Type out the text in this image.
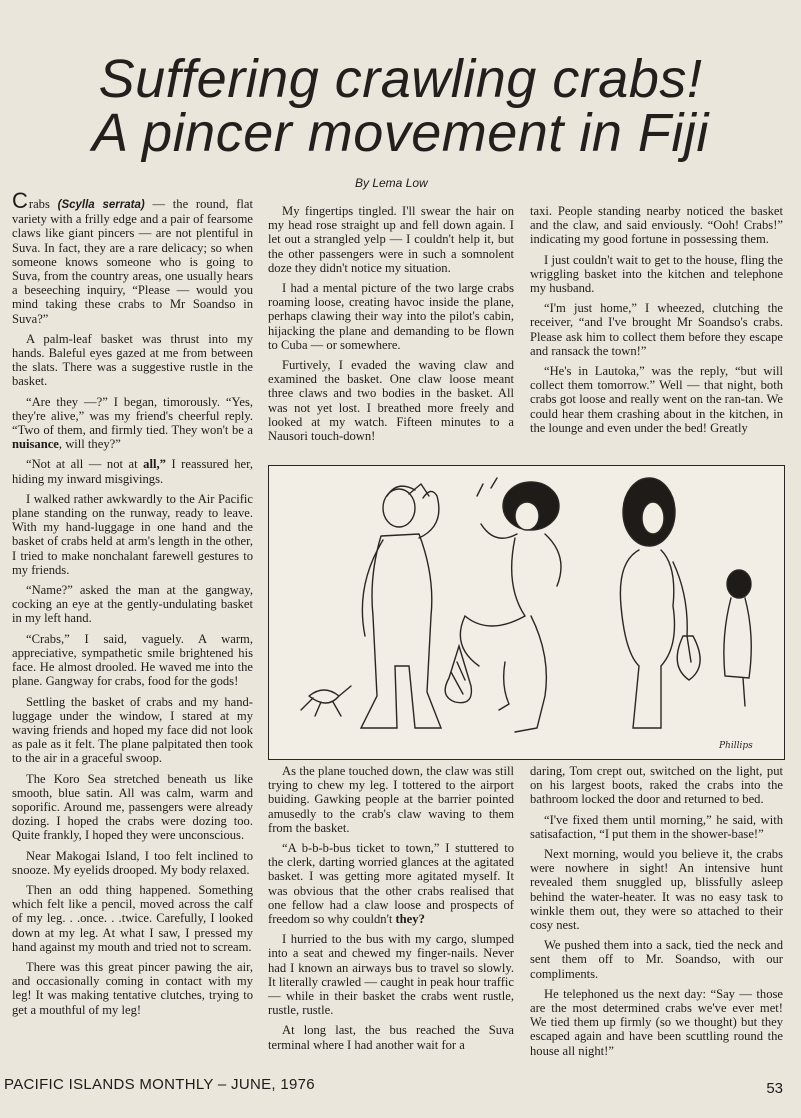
Suffering crawling crabs!
A pincer movement in Fiji
By Lema Low

Crabs (Scylla serrata) — the round, flat variety with a frilly edge and a pair of fearsome claws like giant pincers — are not plentiful in Suva. In fact, they are a rare delicacy; so when someone knows someone who is going to Suva, from the country areas, one usually hears a beseeching inquiry, “Please — would you mind taking these crabs to Mr Soandso in Suva?”

A palm-leaf basket was thrust into my hands. Baleful eyes gazed at me from between the slats. There was a suggestive rustle in the basket.

“Are they —?” I began, timorously. “Yes, they're alive,” was my friend's cheerful reply. “Two of them, and firmly tied. They won't be a nuisance, will they?”

“Not at all — not at all,” I reassured her, hiding my inward misgivings.

I walked rather awkwardly to the Air Pacific plane standing on the runway, ready to leave. With my hand-luggage in one hand and the basket of crabs held at arm's length in the other, I tried to make nonchalant farewell gestures to my friends.

“Name?” asked the man at the gangway, cocking an eye at the gently-undulating basket in my left hand.

“Crabs,” I said, vaguely. A warm, appreciative, sympathetic smile brightened his face. He almost drooled. He waved me into the plane. Gangway for crabs, food for the gods!

Settling the basket of crabs and my hand-luggage under the window, I stared at my waving friends and hoped my face did not look as pale as it felt. The plane palpitated then took to the air in a graceful swoop.

The Koro Sea stretched beneath us like smooth, blue satin. All was calm, warm and soporific. Around me, passengers were already dozing. I hoped the crabs were dozing too. Quite frankly, I hoped they were unconscious.

Near Makogai Island, I too felt inclined to snooze. My eyelids drooped. My body relaxed.

Then an odd thing happened. Something which felt like a pencil, moved across the calf of my leg. . .once. . .twice. Carefully, I looked down at my leg. At what I saw, I pressed my hand against my mouth and tried not to scream.

There was this great pincer pawing the air, and occasionally coming in contact with my leg! It was making tentative clutches, trying to get a mouthful of my leg!

My fingertips tingled. I'll swear the hair on my head rose straight up and fell down again. I let out a strangled yelp — I couldn't help it, but the other passengers were in such a somnolent doze they didn't notice my situation.

I had a mental picture of the two large crabs roaming loose, creating havoc inside the plane, perhaps clawing their way into the pilot's cabin, hijacking the plane and demanding to be flown to Cuba — or somewhere.

Furtively, I evaded the waving claw and examined the basket. One claw loose meant three claws and two bodies in the basket. All was not yet lost. I breathed more freely and looked at my watch. Fifteen minutes to a Nausori touch-down!

taxi. People standing nearby noticed the basket and the claw, and said enviously. “Ooh! Crabs!” indicating my good fortune in possessing them.

I just couldn't wait to get to the house, fling the wriggling basket into the kitchen and telephone my husband.

“I'm just home,” I wheezed, clutching the receiver, “and I've brought Mr Soandso's crabs. Please ask him to collect them before they escape and ransack the town!”

“He's in Lautoka,” was the reply, “but will collect them tomorrow.” Well — that night, both crabs got loose and really went on the ran-tan. We could hear them crashing about in the kitchen, in the lounge and even under the bed! Greatly

Phillips

As the plane touched down, the claw was still trying to chew my leg. I tottered to the airport buiding. Gawking people at the barrier pointed amusedly to the crab's claw waving to them from the basket.

“A b-b-b-bus ticket to town,” I stuttered to the clerk, darting worried glances at the agitated basket. I was getting more agitated myself. It was obvious that the other crabs realised that one fellow had a claw loose and prospects of freedom so why couldn't they?

I hurried to the bus with my cargo, slumped into a seat and chewed my finger-nails. Never had I known an airways bus to travel so slowly. It literally crawled — caught in peak hour traffic — while in their basket the crabs went rustle, rustle, rustle.

At long last, the bus reached the Suva terminal where I had another wait for a

daring, Tom crept out, switched on the light, put on his largest boots, raked the crabs into the bathroom locked the door and returned to bed.

“I've fixed them until morning,” he said, with satisafaction, “I put them in the shower-base!”

Next morning, would you believe it, the crabs were nowhere in sight! An intensive hunt revealed them snuggled up, blissfully asleep behind the water-heater. It was no easy task to winkle them out, they were so attached to their cosy nest.

We pushed them into a sack, tied the neck and sent them off to Mr. Soandso, with our compliments.

He telephoned us the next day: “Say — those are the most determined crabs we've ever met! We tied them up firmly (so we thought) but they escaped again and have been scuttling round the house all night!”

PACIFIC ISLANDS MONTHLY – JUNE, 1976	53
